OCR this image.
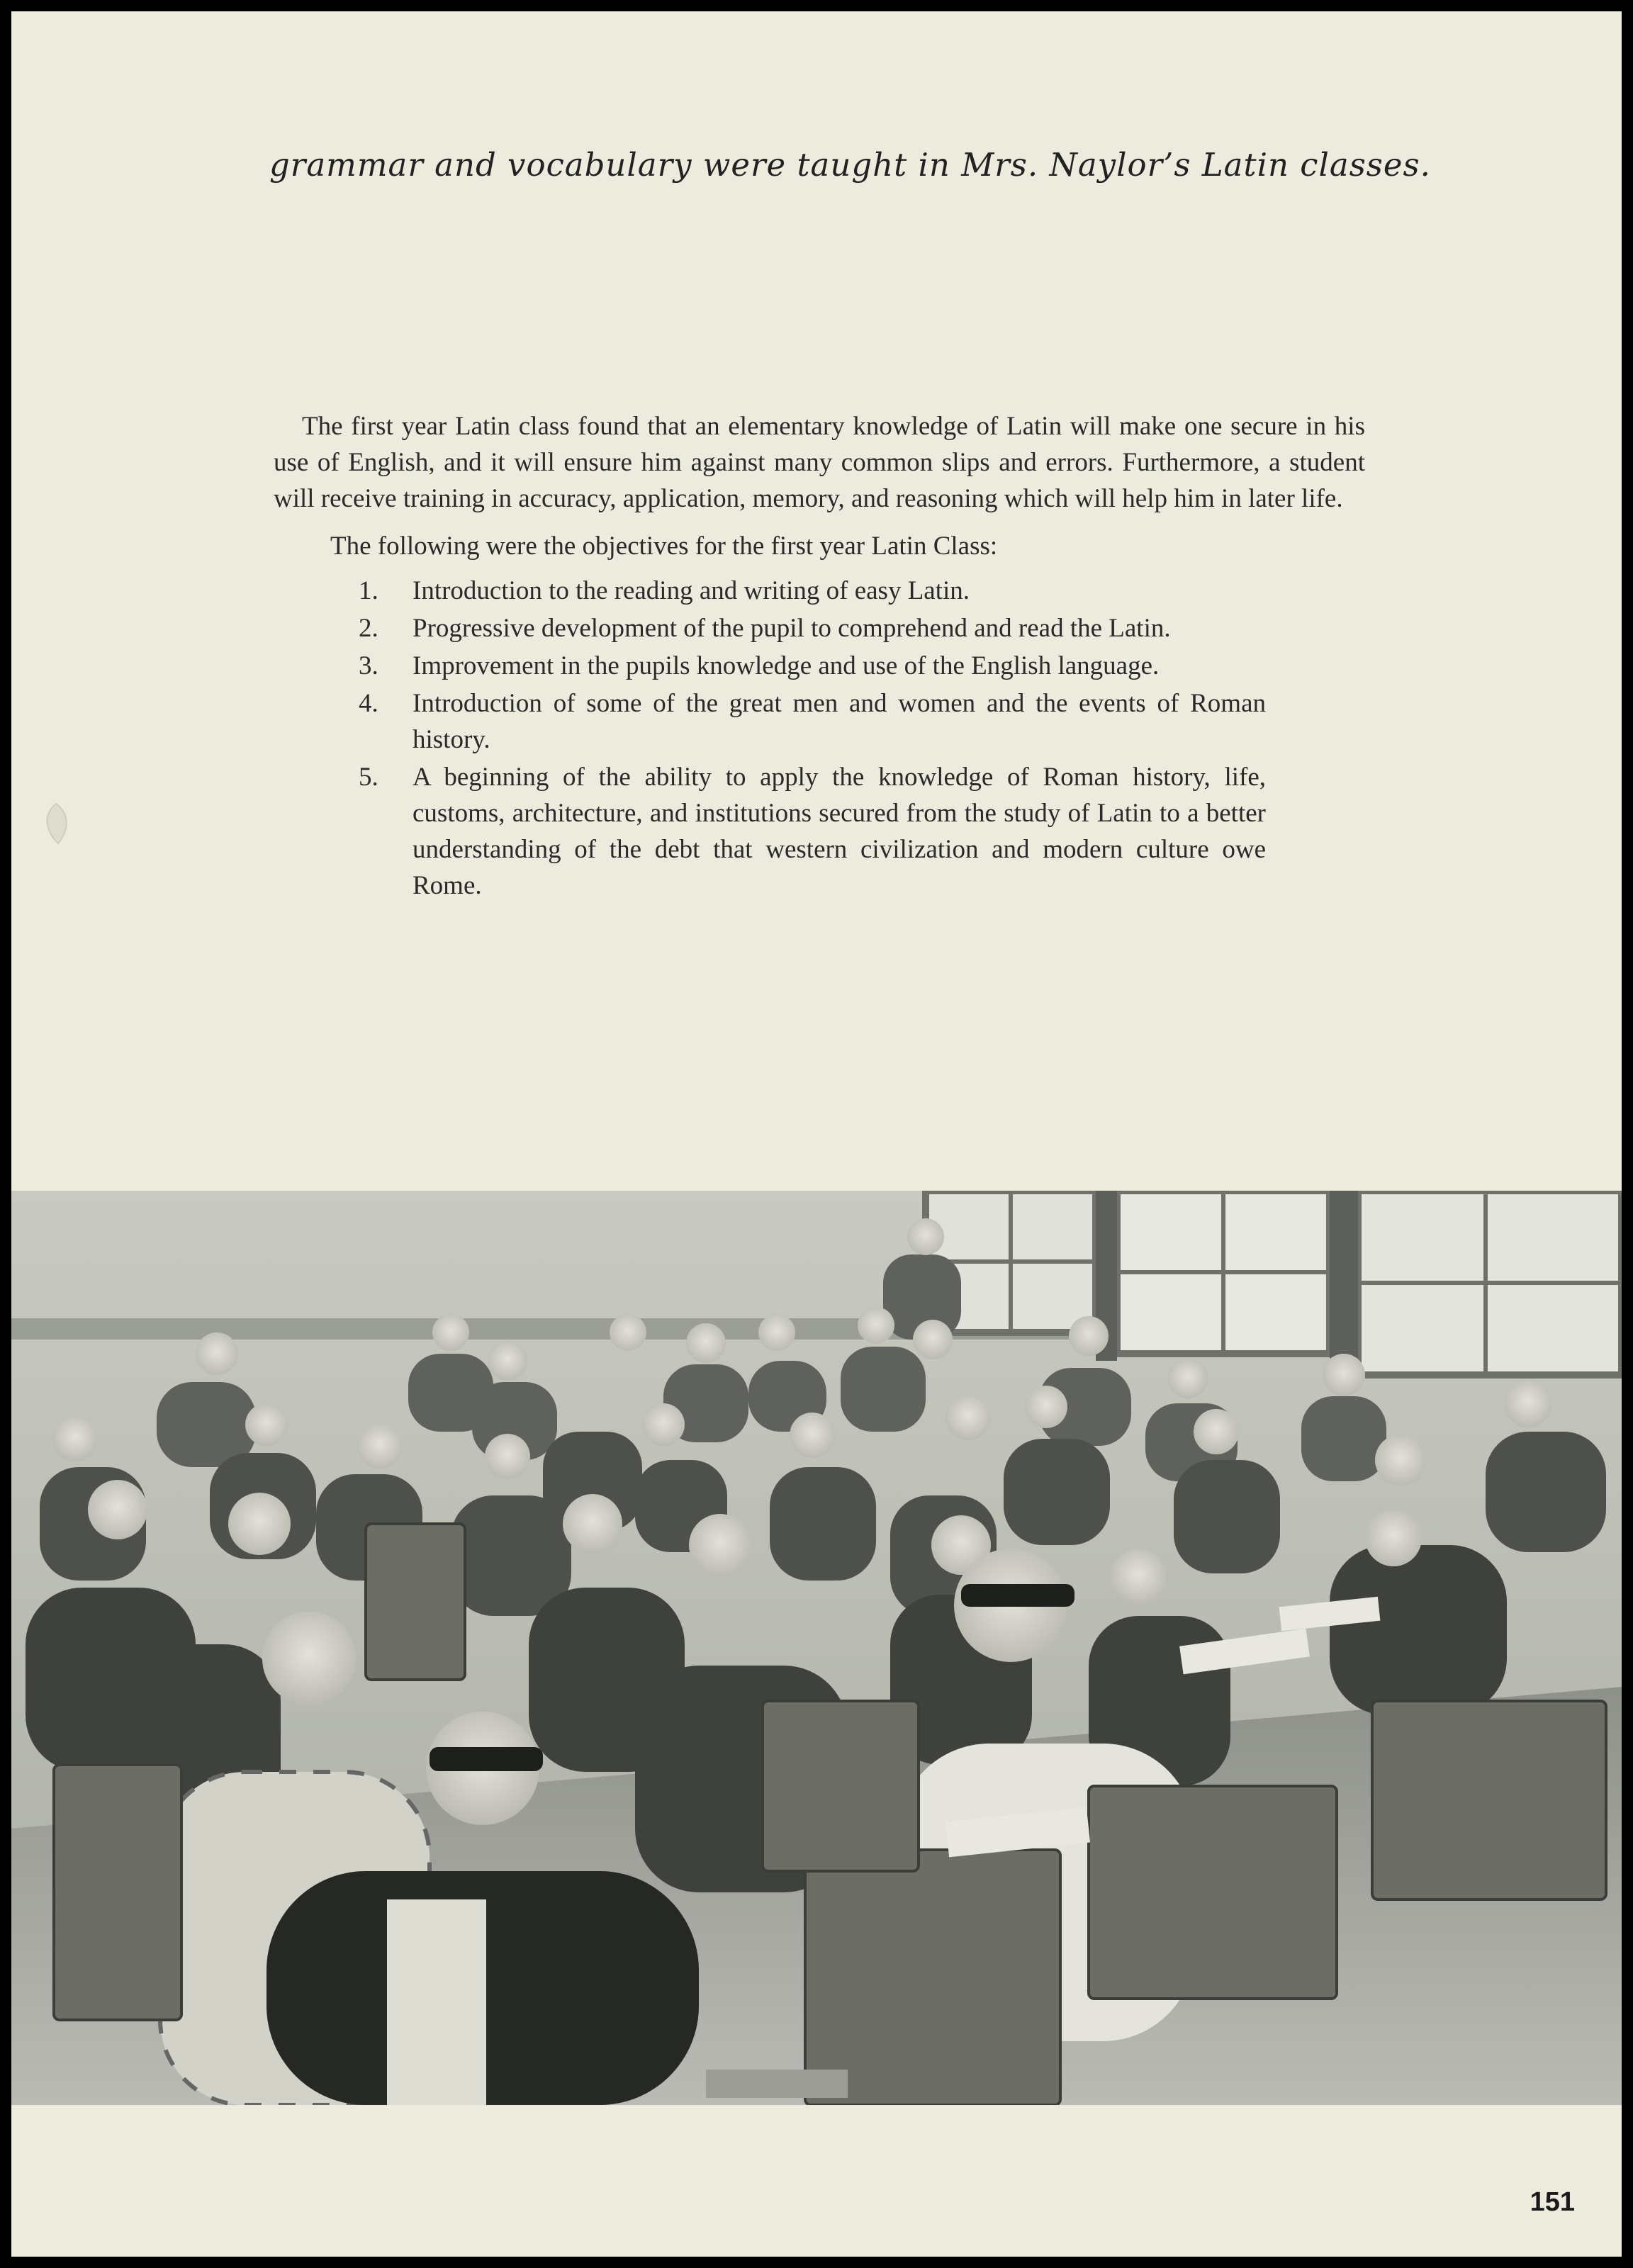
grammar and vocabulary were taught in Mrs. Naylor’s Latin classes.

The first year Latin class found that an elementary knowledge of Latin will make one secure in his use of English, and it will ensure him against many common slips and errors. Furthermore, a student will receive training in accuracy, application, memory, and reasoning which will help him in later life.

The following were the objectives for the first year Latin Class:

1.	Introduction to the reading and writing of easy Latin.
2.	Progressive development of the pupil to comprehend and read the Latin.
3.	Improvement in the pupils knowledge and use of the English language.
4.	Introduction of some of the great men and women and the events of Roman history.
5.	A beginning of the ability to apply the knowledge of Roman history, life, customs, architecture, and institutions secured from the study of Latin to a better understanding of the debt that western civilization and modern culture owe Rome.
151
